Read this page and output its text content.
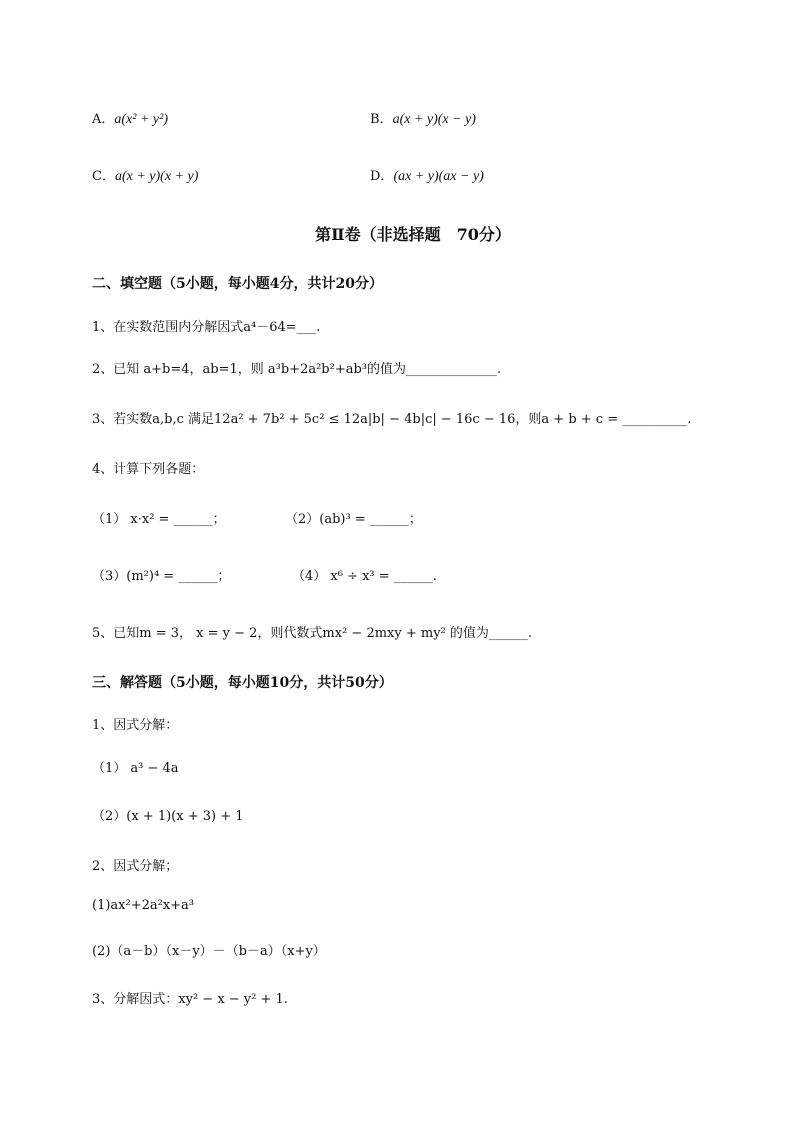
A．a(x² + y²)	B．a(x + y)(x − y)
C．a(x + y)(x + y)	D．(ax + y)(ax − y)
第Ⅱ卷（非选择题　70分）
二、填空题（5小题，每小题4分，共计20分）
1、在实数范围内分解因式a⁴－64=___.
2、已知 a+b=4，ab=1，则 a³b+2a²b²+ab³的值为______________.
3、若实数a,b,c 满足12a² + 7b² + 5c² ≤ 12a|b| − 4b|c| − 16c − 16，则a + b + c = __________.
4、计算下列各题：
（1） x·x² = ______；	（2）(ab)³ = ______；
（3）(m²)⁴ = ______；	（4） x⁶ ÷ x³ = ______.
5、已知m = 3， x = y − 2，则代数式mx² − 2mxy + my² 的值为______.
三、解答题（5小题，每小题10分，共计50分）
1、因式分解：
（1） a³ − 4a
（2）(x + 1)(x + 3) + 1
2、因式分解；
(1)ax²+2a²x+a³
(2)（a－b）（x－y）－（b－a）（x+y）
3、分解因式：xy² − x − y² + 1.
